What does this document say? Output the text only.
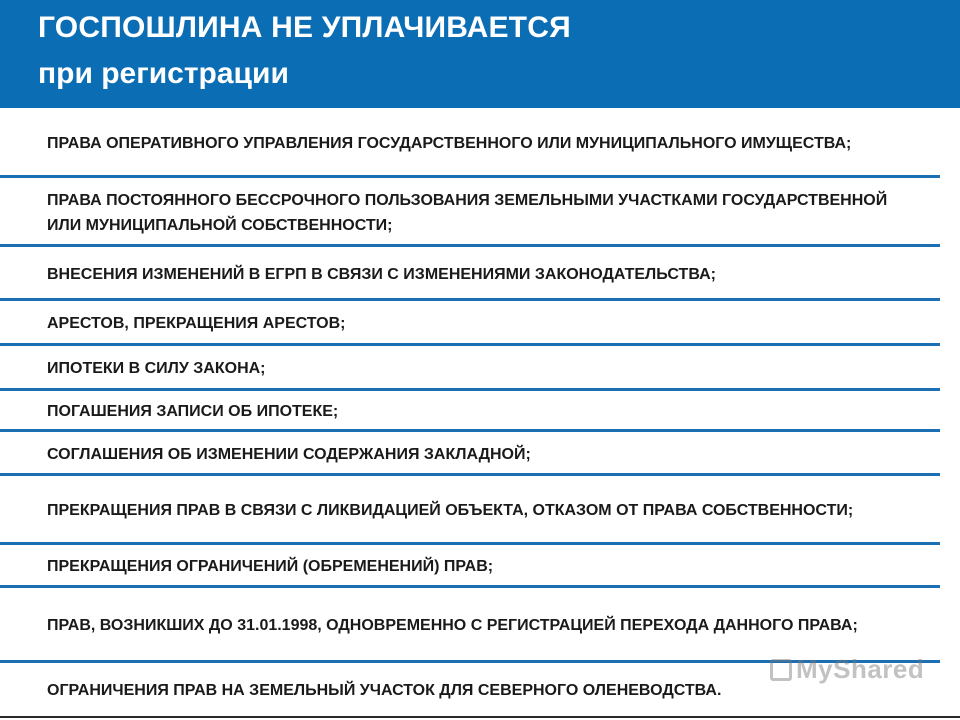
ГОСПОШЛИНА НЕ УПЛАЧИВАЕТСЯ
при регистрации
ПРАВА ОПЕРАТИВНОГО УПРАВЛЕНИЯ ГОСУДАРСТВЕННОГО ИЛИ МУНИЦИПАЛЬНОГО ИМУЩЕСТВА;
ПРАВА ПОСТОЯННОГО БЕССРОЧНОГО ПОЛЬЗОВАНИЯ ЗЕМЕЛЬНЫМИ УЧАСТКАМИ ГОСУДАРСТВЕННОЙ ИЛИ МУНИЦИПАЛЬНОЙ СОБСТВЕННОСТИ;
ВНЕСЕНИЯ ИЗМЕНЕНИЙ В ЕГРП В СВЯЗИ С ИЗМЕНЕНИЯМИ ЗАКОНОДАТЕЛЬСТВА;
АРЕСТОВ, ПРЕКРАЩЕНИЯ АРЕСТОВ;
ИПОТЕКИ В СИЛУ ЗАКОНА;
ПОГАШЕНИЯ ЗАПИСИ ОБ ИПОТЕКЕ;
СОГЛАШЕНИЯ ОБ ИЗМЕНЕНИИ СОДЕРЖАНИЯ ЗАКЛАДНОЙ;
ПРЕКРАЩЕНИЯ ПРАВ В СВЯЗИ С ЛИКВИДАЦИЕЙ ОБЪЕКТА, ОТКАЗОМ ОТ ПРАВА СОБСТВЕННОСТИ;
ПРЕКРАЩЕНИЯ ОГРАНИЧЕНИЙ (ОБРЕМЕНЕНИЙ) ПРАВ;
ПРАВ, ВОЗНИКШИХ ДО 31.01.1998, ОДНОВРЕМЕННО С РЕГИСТРАЦИЕЙ ПЕРЕХОДА ДАННОГО ПРАВА;
ОГРАНИЧЕНИЯ ПРАВ НА ЗЕМЕЛЬНЫЙ УЧАСТОК ДЛЯ СЕВЕРНОГО ОЛЕНЕВОДСТВА.
MyShared
